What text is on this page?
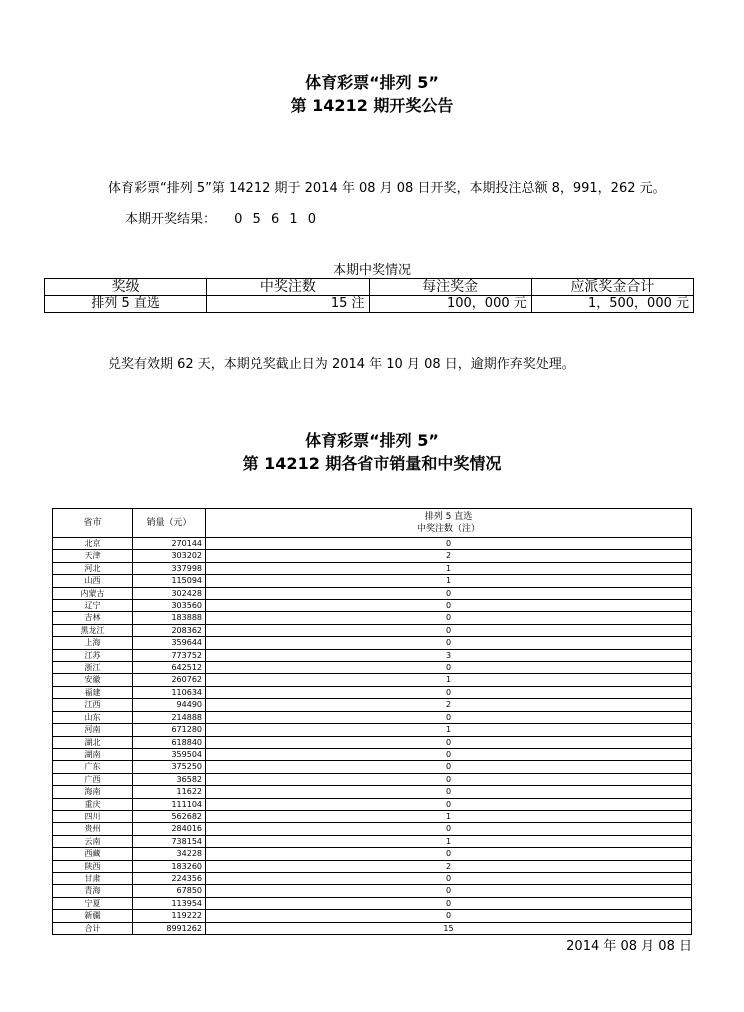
体育彩票“排列 5”
第 14212 期开奖公告
体育彩票“排列 5”第 14212 期于 2014 年 08 月 08 日开奖，本期投注总额 8，991，262 元。
本期开奖结果： 0 5 6 1 0
本期中奖情况
奖级	中奖注数	每注奖金	应派奖金合计
排列 5 直选	15 注	100，000 元	1，500，000 元
兑奖有效期 62 天，本期兑奖截止日为 2014 年 10 月 08 日，逾期作弃奖处理。
体育彩票“排列 5”
第 14212 期各省市销量和中奖情况
省市	销量（元）	排列 5 直选
中奖注数（注）

北京	270144	0
天津	303202	2
河北	337998	1
山西	115094	1
内蒙古	302428	0
辽宁	303560	0
吉林	183888	0
黑龙江	208362	0
上海	359644	0
江苏	773752	3
浙江	642512	0
安徽	260762	1
福建	110634	0
江西	94490	2
山东	214888	0
河南	671280	1
湖北	618840	0
湖南	359504	0
广东	375250	0
广西	36582	0
海南	11622	0
重庆	111104	0
四川	562682	1
贵州	284016	0
云南	738154	1
西藏	34228	0
陕西	183260	2
甘肃	224356	0
青海	67850	0
宁夏	113954	0
新疆	119222	0
合计	8991262	15
2014 年 08 月 08 日
